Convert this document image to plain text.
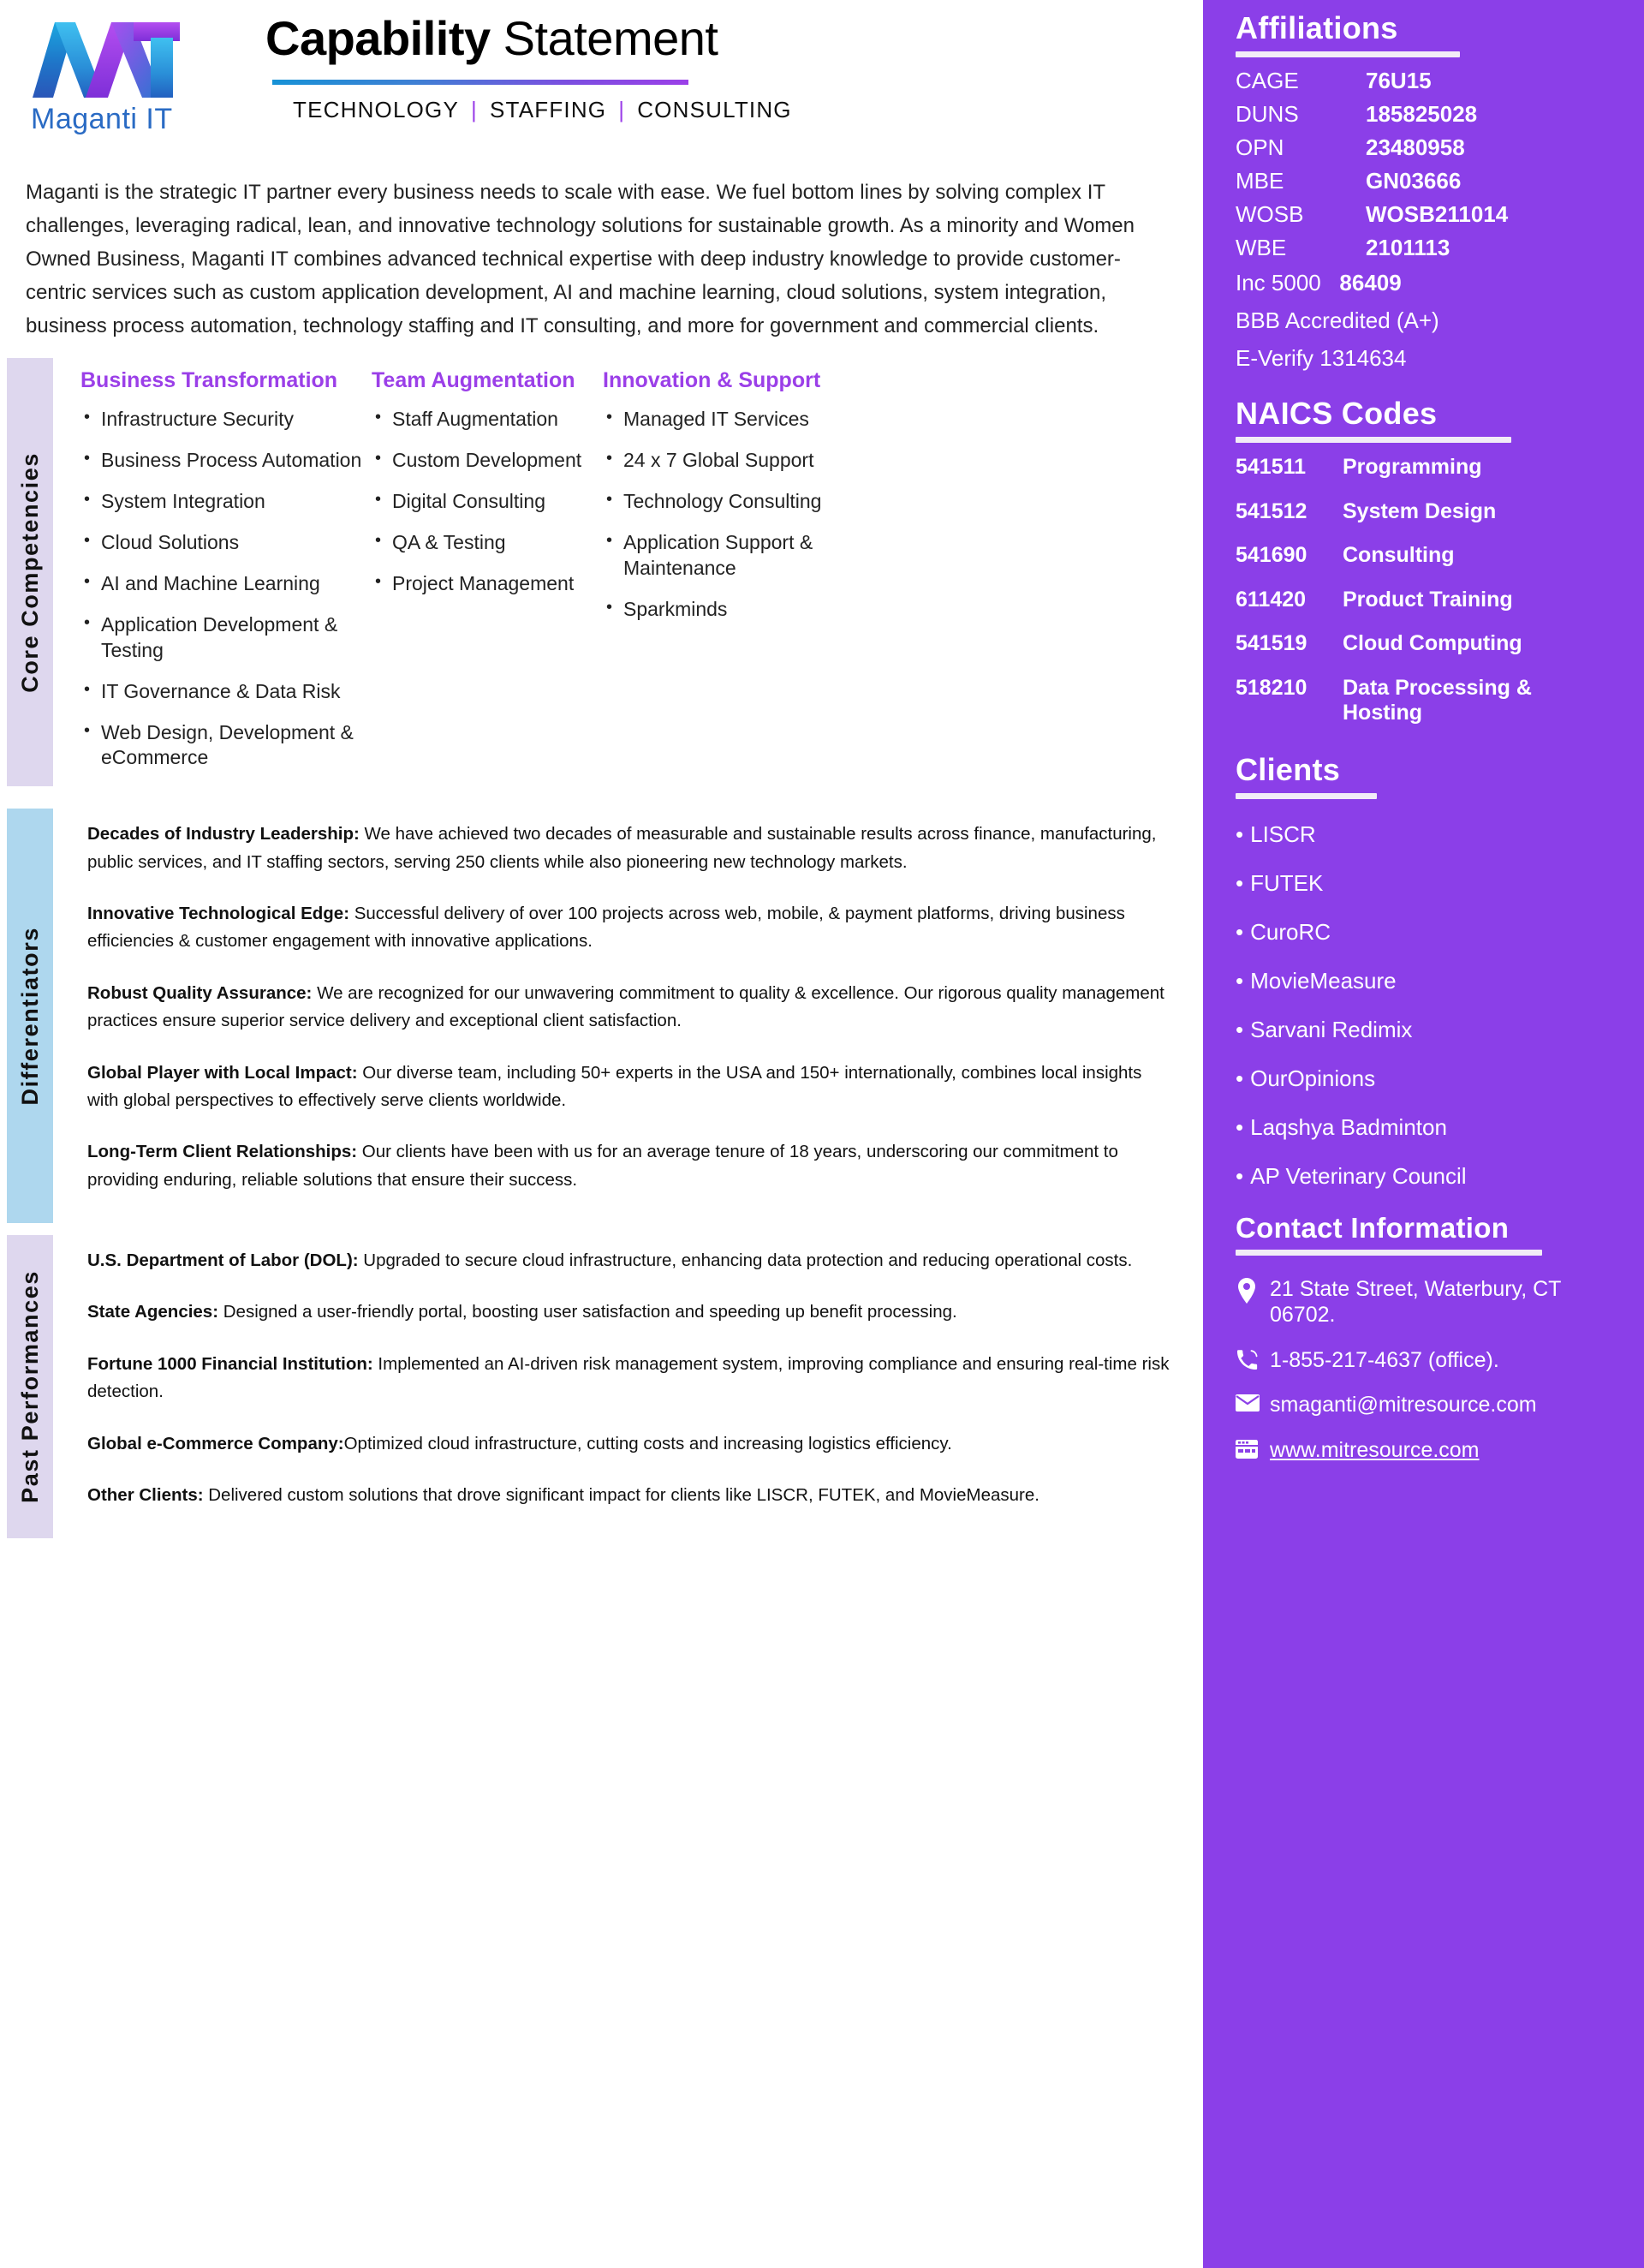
Maganti IT
Capability Statement
TECHNOLOGY | STAFFING | CONSULTING
Maganti is the strategic IT partner every business needs to scale with ease. We fuel bottom lines by solving complex IT challenges, leveraging radical, lean, and innovative technology solutions for sustainable growth. As a minority and Women Owned Business, Maganti IT combines advanced technical expertise with deep industry knowledge to provide customer-centric services such as custom application development, AI and machine learning, cloud solutions, system integration, business process automation, technology staffing and IT consulting, and more for government and commercial clients.
Core Competencies
Business Transformation
• Infrastructure Security
• Business Process Automation
• System Integration
• Cloud Solutions
• AI and Machine Learning
• Application Development & Testing
• IT Governance & Data Risk
• Web Design, Development & eCommerce
Team Augmentation
• Staff Augmentation
• Custom Development
• Digital Consulting
• QA & Testing
• Project Management
Innovation & Support
• Managed IT Services
• 24 x 7 Global Support
• Technology Consulting
• Application Support & Maintenance
• Sparkminds
Differentiators

Decades of Industry Leadership: We have achieved two decades of measurable and sustainable results across finance, manufacturing, public services, and IT staffing sectors, serving 250 clients while also pioneering new technology markets.

Innovative Technological Edge: Successful delivery of over 100 projects across web, mobile, & payment platforms, driving business efficiencies & customer engagement with innovative applications.

Robust Quality Assurance: We are recognized for our unwavering commitment to quality & excellence. Our rigorous quality management practices ensure superior service delivery and exceptional client satisfaction.

Global Player with Local Impact: Our diverse team, including 50+ experts in the USA and 150+ internationally, combines local insights with global perspectives to effectively serve clients worldwide.

Long-Term Client Relationships: Our clients have been with us for an average tenure of 18 years, underscoring our commitment to providing enduring, reliable solutions that ensure their success.

Past Performances

U.S. Department of Labor (DOL): Upgraded to secure cloud infrastructure, enhancing data protection and reducing operational costs.

State Agencies: Designed a user-friendly portal, boosting user satisfaction and speeding up benefit processing.

Fortune 1000 Financial Institution: Implemented an AI-driven risk management system, improving compliance and ensuring real-time risk detection.

Global e-Commerce Company:Optimized cloud infrastructure, cutting costs and increasing logistics efficiency.

Other Clients: Delivered custom solutions that drove significant impact for clients like LISCR, FUTEK, and MovieMeasure.

Affiliations
CAGE	76U15
DUNS	185825028
OPN	23480958
MBE	GN03666
WOSB	WOSB211014
WBE	2101113
Inc 5000 86409
BBB Accredited (A+)
E-Verify 1314634
NAICS Codes
541511	Programming
541512	System Design
541690	Consulting
611420	Product Training
541519	Cloud Computing
518210	Data Processing & Hosting
Clients
• LISCR
• FUTEK
• CuroRC
• MovieMeasure
• Sarvani Redimix
• OurOpinions
• Laqshya Badminton
• AP Veterinary Council
Contact Information
21 State Street, Waterbury, CT 06702.
1-855-217-4637 (office).
smaganti@mitresource.com
www.mitresource.com
